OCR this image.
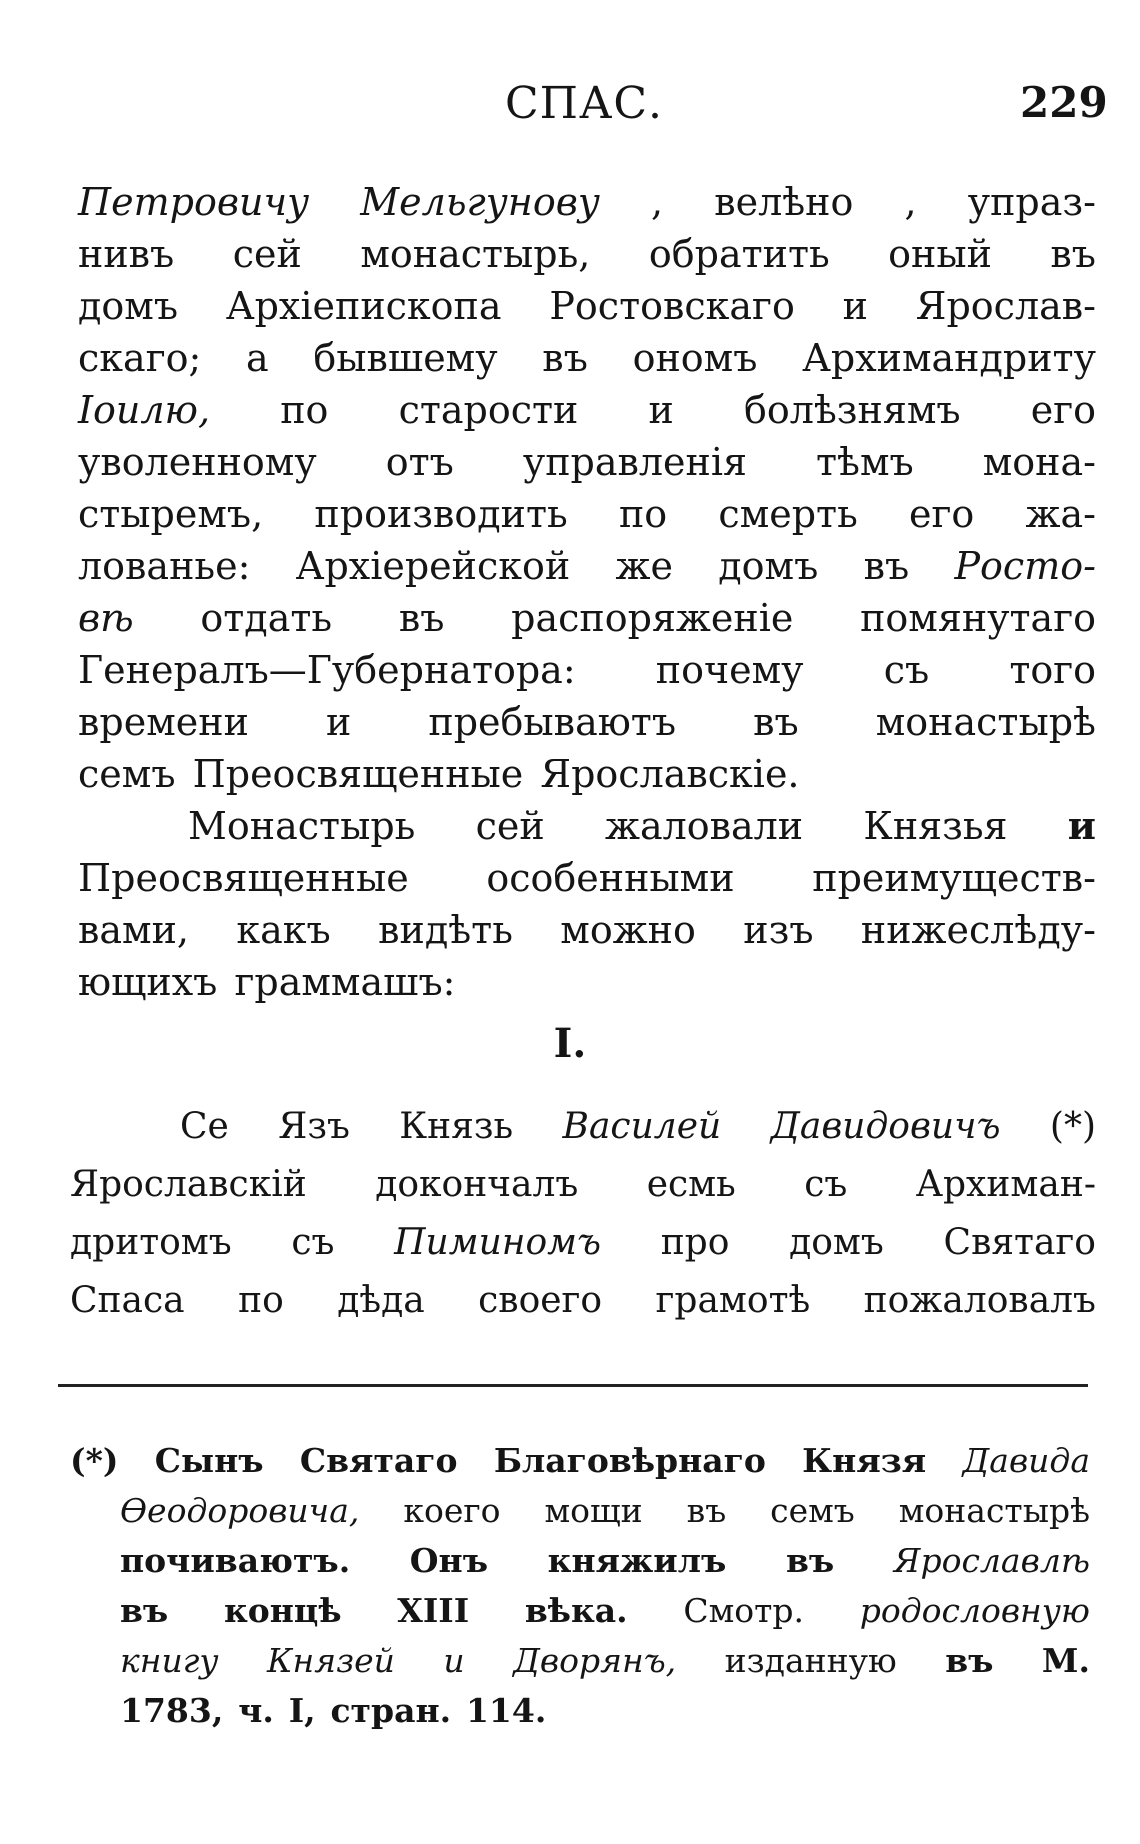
СПАС.	229
Петровичу Мельгунову , велѣно , упраз-
нивъ сей монастырь, обратить оный въ
домъ Архіепископа Ростовскаго и Ярослав-
скаго; а бывшему въ ономъ Архимандриту
Іоилю, по старости и болѣзнямъ его
уволенному отъ управленія тѣмъ мона-
стыремъ, производить по смерть его жа-
лованье: Архіерейской же домъ въ Росто-
вѣ отдать въ распоряженіе помянутаго
Генералъ—Губернатора: почему съ того
времени и пребываютъ въ монастырѣ
семъ Преосвященные Ярославскіе.
Монастырь сей жаловали Князья и
Преосвященные особенными преимуществ-
вами, какъ видѣть можно изъ нижеслѣду-
ющихъ граммашъ:
I.
Се Язъ Князь Василей Давидовичъ (*)
Ярославскій докончалъ есмь съ Архиман-
дритомъ съ Пиминомъ про домъ Святаго
Спаса по дѣда своего грамотѣ пожаловалъ
(*) Сынъ Святаго Благовѣрнаго Князя Давида
Ѳеодоровича, коего мощи въ семъ монастырѣ
почиваютъ. Онъ княжилъ въ Ярославлѣ
въ концѣ XIII вѣка. Смотр. родословную
книгу Князей и Дворянъ, изданную въ М.
1783, ч. I, стран. 114.
